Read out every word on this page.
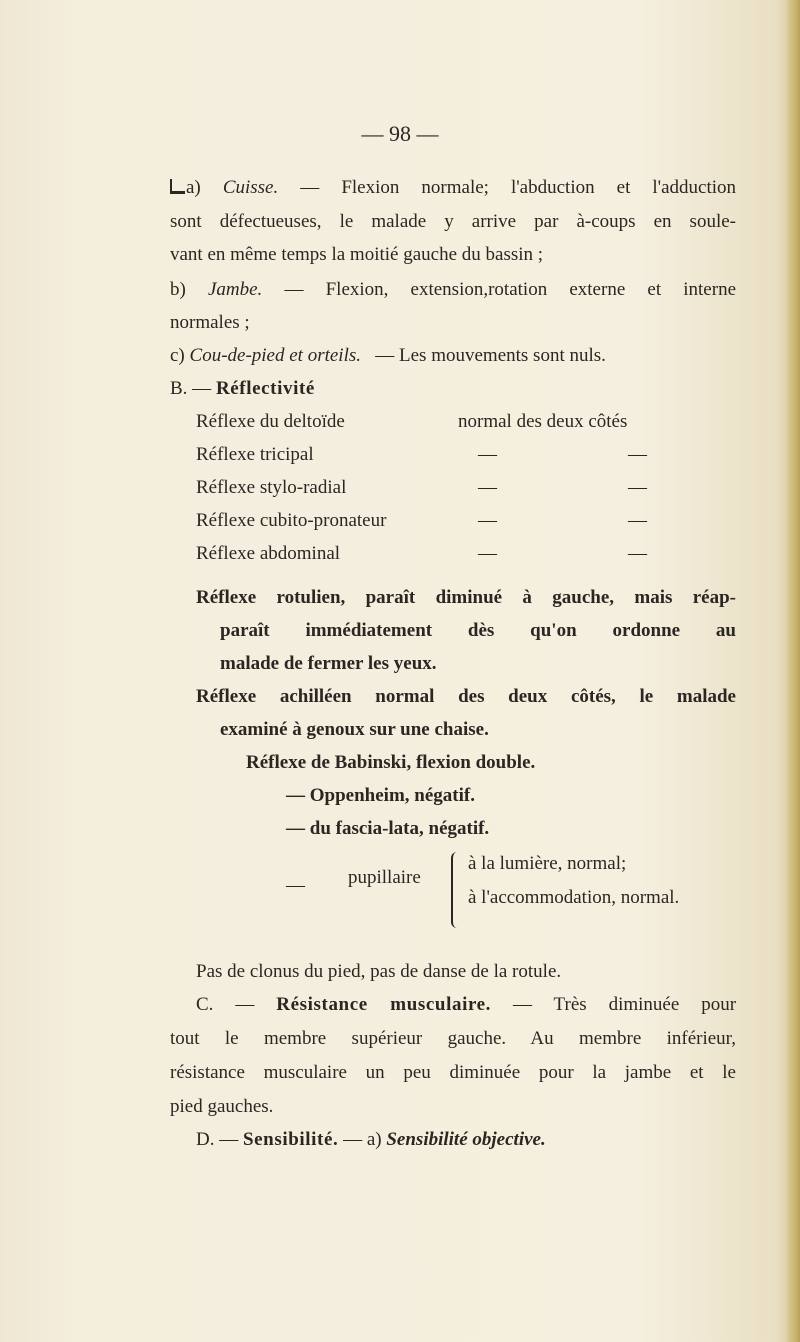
— 98 —
a) Cuisse. — Flexion normale; l'abduction et l'adduction
sont défectueuses, le malade y arrive par à-coups en soule-
vant en même temps la moitié gauche du bassin ;
b) Jambe. — Flexion, extension,rotation externe et interne
normales ;
c) Cou-de-pied et orteils. — Les mouvements sont nuls.
B. — Réflectivité
Réflexe du deltoïde	normal des deux côtés
Réflexe tricipal	—	—
Réflexe stylo-radial	—	—
Réflexe cubito-pronateur	—	—
Réflexe abdominal	—	—
Réflexe rotulien, paraît diminué à gauche, mais réap-
paraît immédiatement dès qu'on ordonne au
malade de fermer les yeux.
Réflexe achilléen normal des deux côtés, le malade
examiné à genoux sur une chaise.
Réflexe de Babinski, flexion double.
— Oppenheim, négatif.
— du fascia-lata, négatif.
— pupillaire
à la lumière, normal;
à l'accommodation, normal.
Pas de clonus du pied, pas de danse de la rotule.
C. — Résistance musculaire. — Très diminuée pour
tout le membre supérieur gauche. Au membre inférieur,
résistance musculaire un peu diminuée pour la jambe et le
pied gauches.
D. — Sensibilité. — a) Sensibilité objective.
